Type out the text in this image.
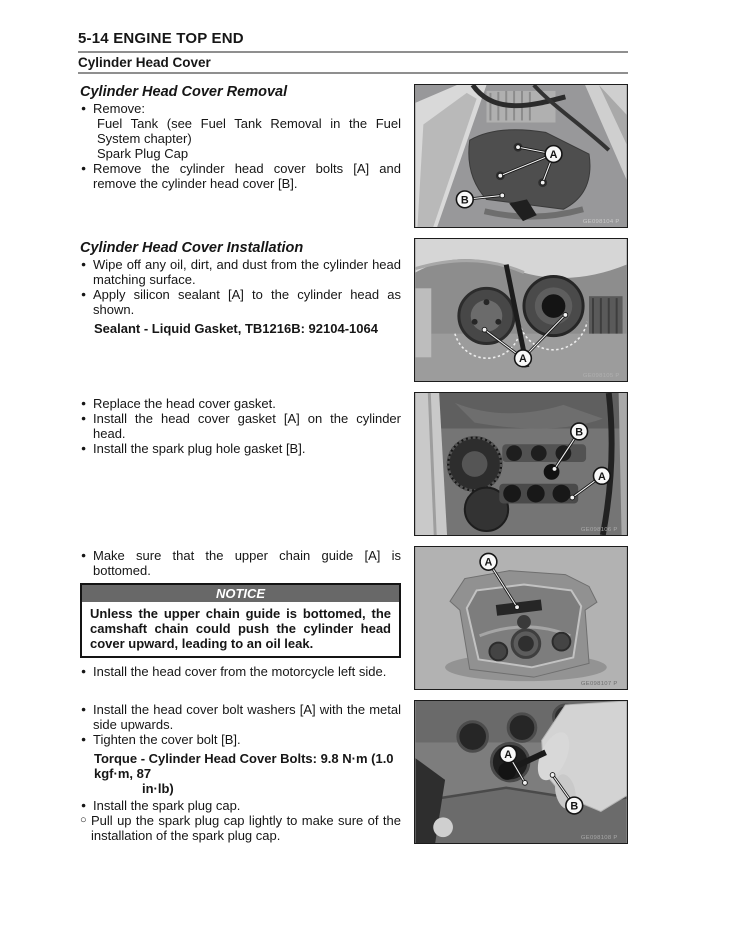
5-14 ENGINE TOP END
Cylinder Head Cover
Cylinder Head Cover Removal
● Remove:
Fuel Tank (see Fuel Tank Removal in the Fuel System chapter)
Spark Plug Cap
● Remove the cylinder head cover bolts [A] and remove the cylinder head cover [B].
Cylinder Head Cover Installation
● Wipe off any oil, dirt, and dust from the cylinder head matching surface.
● Apply silicon sealant [A] to the cylinder head as shown.
Sealant - Liquid Gasket, TB1216B: 92104-1064
● Replace the head cover gasket.
● Install the head cover gasket [A] on the cylinder head.
● Install the spark plug hole gasket [B].
● Make sure that the upper chain guide [A] is bottomed.
NOTICE
Unless the upper chain guide is bottomed, the camshaft chain could push the cylinder head cover upward, leading to an oil leak.
● Install the head cover from the motorcycle left side.
● Install the head cover bolt washers [A] with the metal side upwards.
● Tighten the cover bolt [B].
Torque - Cylinder Head Cover Bolts: 9.8 N·m (1.0 kgf·m, 87
in·lb)
● Install the spark plug cap.
○ Pull up the spark plug cap lightly to make sure of the installation of the spark plug cap.
A
B
GE098104 P
A
GE098105 P
B
A
GE098106 P
A
GE098107 P
A
B
GE098108 P
